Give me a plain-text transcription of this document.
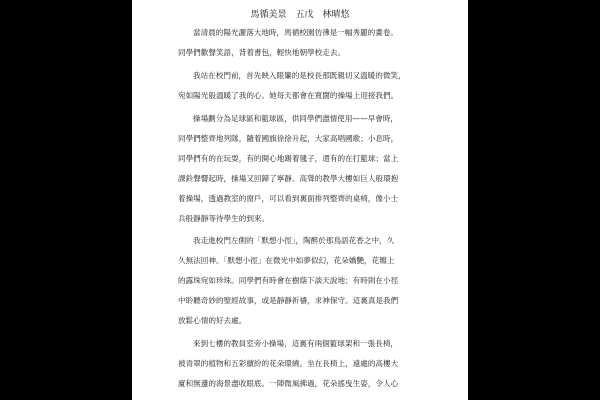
馬循美景　五戊　林晴悠
當清晨的陽光灑落大地時，馬循校園彷彿是一幅秀麗的畫卷。
同學們歡聲笑語，背着書包，輕快地朝學校走去。
我站在校門前，首先映入眼簾的是校長那既親切又溫暖的微笑，
宛如陽光般溫暖了我的心。她每天都會在寬闊的操場上迎接我們。
操場劃分為足球區和籃球區，供同學們盡情使用——早會時，
同學們整齊地列隊，隨着國旗徐徐升起，大家高唱國歌；小息時，
同學們有的在玩耍，有的開心地踢着毽子，還有的在打籃球；當上
課鈴聲響起時，操場又回歸了寧靜。高聳的教學大樓如巨人般環抱
着操場，透過教室的窗戶，可以看到裏面排列整齊的桌椅，像小士
兵般靜靜等待學生的到來。
我走進校門左側的「默想小徑」，陶醉於那鳥語花香之中，久
久無法回神。「默想小徑」在微光中如夢似幻，花朵嬌艷，花瓣上
的露珠宛如珍珠。同學們有時會在樹蔭下談天說地；有時則在小徑
中聆聽奇妙的聖經故事，或是靜靜祈禱，求神保守。這裏真是我們
放鬆心情的好去處。
來到七樓的教員室旁小操場，這裏有兩個籃球架和一張長椅，
被青翠的植物和五彩繽紛的花朵環繞。坐在長椅上，遠處的高樓大
廈和無邊的海景盡收眼底。一陣微風拂過，花朵搖曳生姿，令人心
